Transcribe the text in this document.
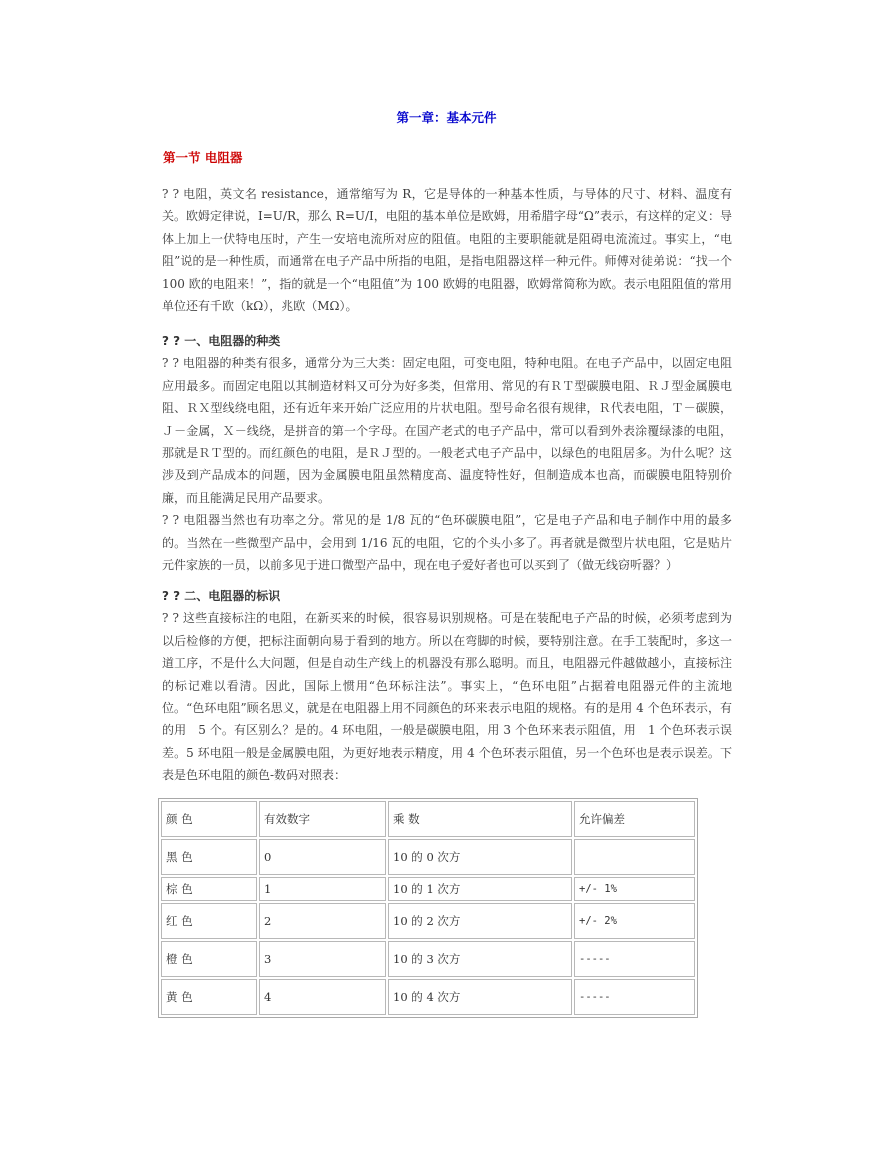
第一章：基本元件
第一节 电阻器

? ? 电阻，英文名 resistance，通常缩写为 R，它是导体的一种基本性质，与导体的尺寸、材料、温度有关。欧姆定律说，I=U/R，那么 R=U/I，电阻的基本单位是欧姆，用希腊字母“Ω”表示，有这样的定义：导体上加上一伏特电压时，产生一安培电流所对应的阻值。电阻的主要职能就是阻碍电流流过。事实上，“电阻”说的是一种性质，而通常在电子产品中所指的电阻，是指电阻器这样一种元件。师傅对徒弟说：“找一个 100 欧的电阻来！”，指的就是一个“电阻值”为 100 欧姆的电阻器，欧姆常简称为欧。表示电阻阻值的常用单位还有千欧（kΩ），兆欧（MΩ）。

? ? 一、电阻器的种类

? ? 电阻器的种类有很多，通常分为三大类：固定电阻，可变电阻，特种电阻。在电子产品中，以固定电阻应用最多。而固定电阻以其制造材料又可分为好多类，但常用、常见的有ＲＴ型碳膜电阻、ＲＪ型金属膜电阻、ＲＸ型线绕电阻，还有近年来开始广泛应用的片状电阻。型号命名很有规律，Ｒ代表电阻，Ｔ－碳膜，Ｊ－金属，Ｘ－线绕，是拼音的第一个字母。在国产老式的电子产品中，常可以看到外表涂覆绿漆的电阻，那就是ＲＴ型的。而红颜色的电阻，是ＲＪ型的。一般老式电子产品中，以绿色的电阻居多。为什么呢？这涉及到产品成本的问题，因为金属膜电阻虽然精度高、温度特性好，但制造成本也高，而碳膜电阻特别价廉，而且能满足民用产品要求。

? ? 电阻器当然也有功率之分。常见的是 1/8 瓦的“色环碳膜电阻”，它是电子产品和电子制作中用的最多的。当然在一些微型产品中，会用到 1/16 瓦的电阻，它的个头小多了。再者就是微型片状电阻，它是贴片元件家族的一员，以前多见于进口微型产品中，现在电子爱好者也可以买到了（做无线窃听器？）

? ? 二、电阻器的标识

? ? 这些直接标注的电阻，在新买来的时候，很容易识别规格。可是在装配电子产品的时候，必须考虑到为以后检修的方便，把标注面朝向易于看到的地方。所以在弯脚的时候，要特别注意。在手工装配时，多这一道工序，不是什么大问题，但是自动生产线上的机器没有那么聪明。而且，电阻器元件越做越小，直接标注的标记难以看清。因此，国际上惯用“色环标注法”。事实上，“色环电阻”占据着电阻器元件的主流地位。“色环电阻”顾名思义，就是在电阻器上用不同颜色的环来表示电阻的规格。有的是用 4 个色环表示，有的用　5 个。有区别么？是的。4 环电阻，一般是碳膜电阻，用 3 个色环来表示阻值，用　1 个色环表示误差。5 环电阻一般是金属膜电阻，为更好地表示精度，用 4 个色环表示阻值，另一个色环也是表示误差。下表是色环电阻的颜色-数码对照表：

颜 色	有效数字	乘 数	允许偏差
黑 色	0	10 的 0 次方	
棕 色	1	10 的 1 次方	+/- 1%
红 色	2	10 的 2 次方	+/- 2%
橙 色	3	10 的 3 次方	-----
黄 色	4	10 的 4 次方	-----
